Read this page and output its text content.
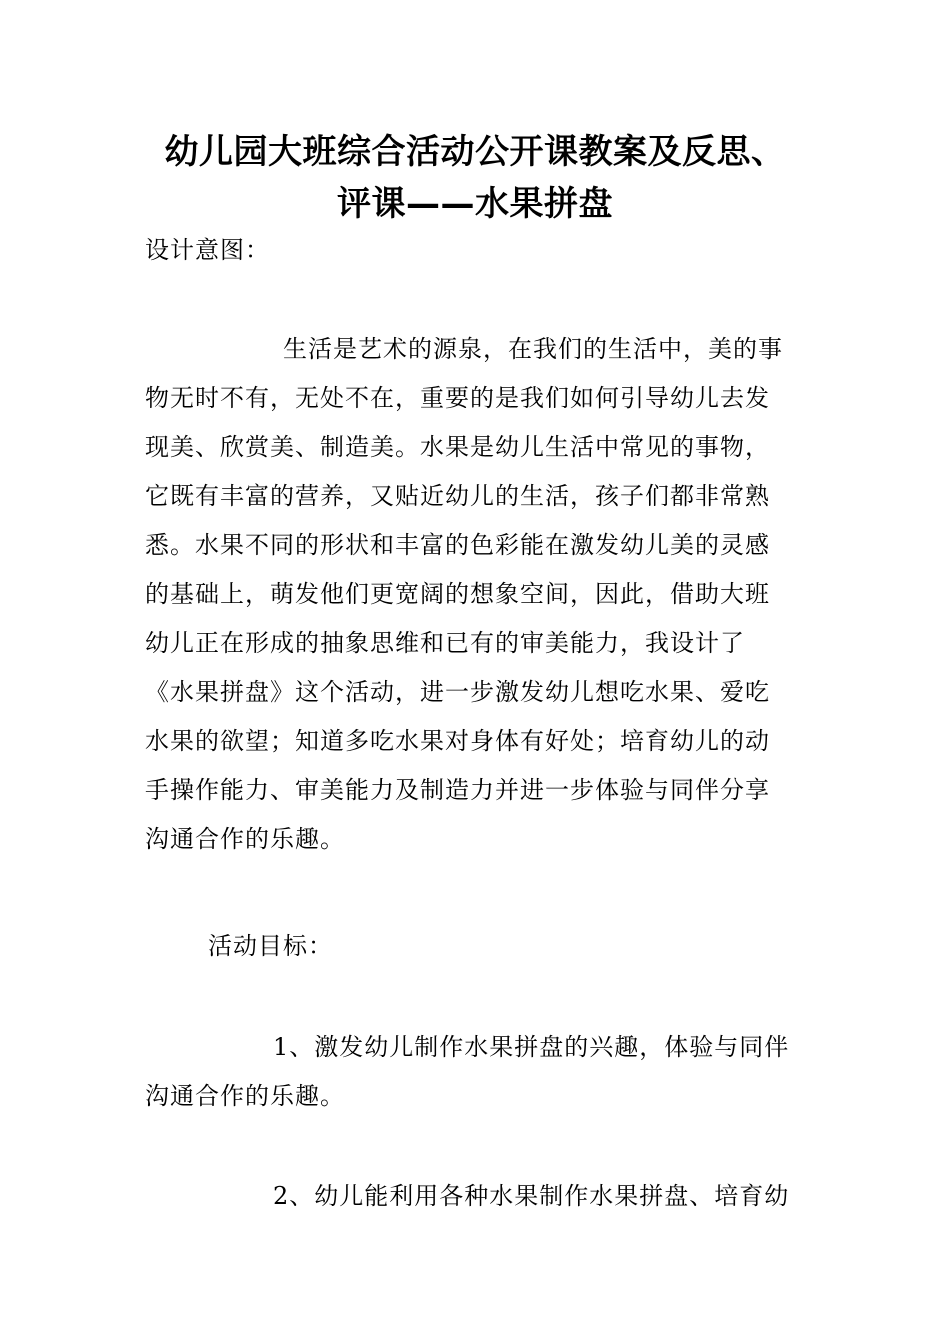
幼儿园大班综合活动公开课教案及反思、
评课——水果拼盘
设计意图：
生活是艺术的源泉，在我们的生活中，美的事
物无时不有，无处不在，重要的是我们如何引导幼儿去发
现美、欣赏美、制造美。水果是幼儿生活中常见的事物，
它既有丰富的营养，又贴近幼儿的生活，孩子们都非常熟
悉。水果不同的形状和丰富的色彩能在激发幼儿美的灵感
的基础上，萌发他们更宽阔的想象空间，因此，借助大班
幼儿正在形成的抽象思维和已有的审美能力，我设计了
《水果拼盘》这个活动，进一步激发幼儿想吃水果、爱吃
水果的欲望；知道多吃水果对身体有好处；培育幼儿的动
手操作能力、审美能力及制造力并进一步体验与同伴分享
沟通合作的乐趣。
活动目标：
1、激发幼儿制作水果拼盘的兴趣，体验与同伴
沟通合作的乐趣。
2、幼儿能利用各种水果制作水果拼盘、培育幼
